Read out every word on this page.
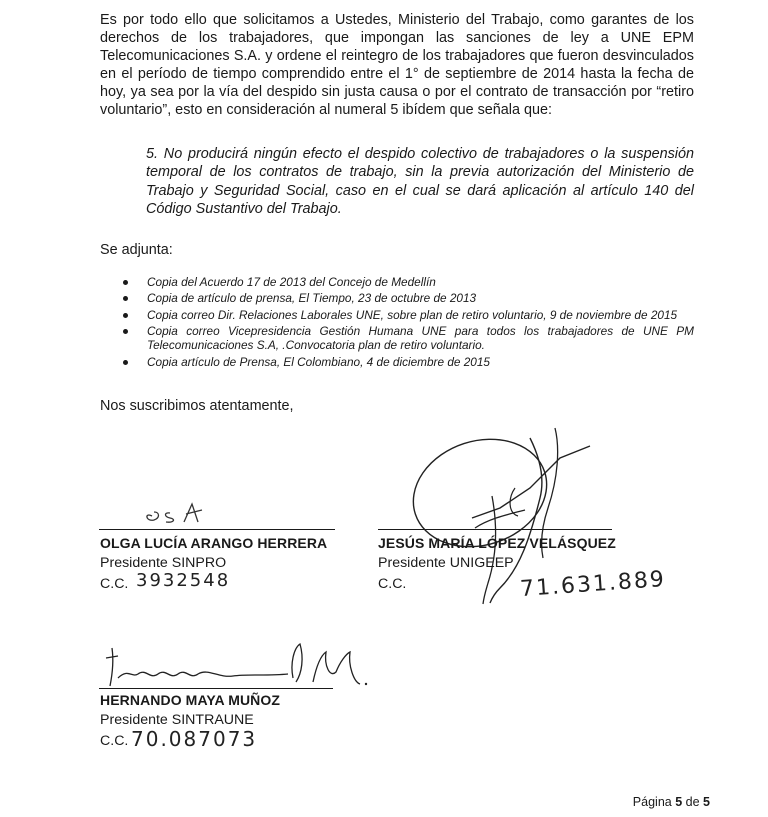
Es por todo ello que solicitamos a Ustedes, Ministerio del Trabajo, como garantes de los derechos de los trabajadores, que impongan las sanciones de ley a UNE EPM Telecomunicaciones S.A. y ordene el reintegro de los trabajadores que fueron desvinculados en el período de tiempo comprendido entre el 1° de septiembre de 2014 hasta la fecha de hoy, ya sea por la vía del despido sin justa causa o por el contrato de transacción por “retiro voluntario”, esto en consideración al numeral 5 ibídem que señala que:

5. No producirá ningún efecto el despido colectivo de trabajadores o la suspensión temporal de los contratos de trabajo, sin la previa autorización del Ministerio de Trabajo y Seguridad Social, caso en el cual se dará aplicación al artículo 140 del Código Sustantivo del Trabajo.

Se adjunta:

Copia del Acuerdo 17 de 2013 del Concejo de Medellín
Copia de artículo de prensa, El Tiempo, 23 de octubre de 2013
Copia correo Dir. Relaciones Laborales UNE, sobre plan de retiro voluntario, 9 de noviembre de 2015
Copia correo Vicepresidencia Gestión Humana UNE para todos los trabajadores de UNE PM Telecomunicaciones S.A, .Convocatoria plan de retiro voluntario.
Copia artículo de Prensa, El Colombiano, 4 de diciembre de 2015

Nos suscribimos atentamente,

OLGA LUCÍA ARANGO HERRERA

Presidente SINPRO

C.C. 3932548

JESÚS MARÍA LÓPEZ VELÁSQUEZ

Presidente UNIGEEP

C.C.	71.631.889

HERNANDO MAYA MUÑOZ

Presidente SINTRAUNE

C.C. 70.087073

Página 5 de 5
